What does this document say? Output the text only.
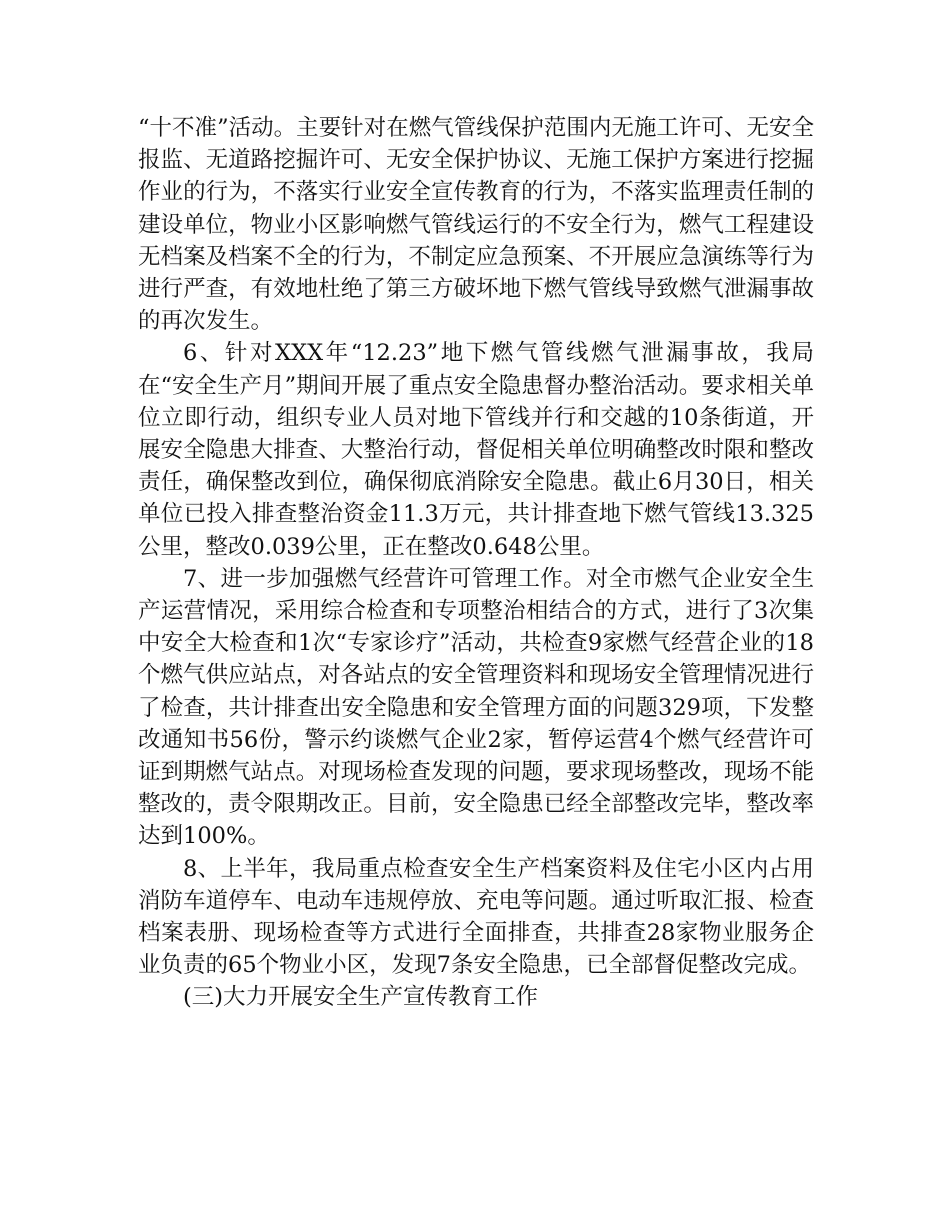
“十不准”活动。主要针对在燃气管线保护范围内无施工许可、无安全报监、无道路挖掘许可、无安全保护协议、无施工保护方案进行挖掘作业的行为，不落实行业安全宣传教育的行为，不落实监理责任制的建设单位，物业小区影响燃气管线运行的不安全行为，燃气工程建设无档案及档案不全的行为，不制定应急预案、不开展应急演练等行为进行严查，有效地杜绝了第三方破坏地下燃气管线导致燃气泄漏事故的再次发生。

6、针对XXX年“12.23”地下燃气管线燃气泄漏事故，我局在“安全生产月”期间开展了重点安全隐患督办整治活动。要求相关单位立即行动，组织专业人员对地下管线并行和交越的10条街道，开展安全隐患大排查、大整治行动，督促相关单位明确整改时限和整改责任，确保整改到位，确保彻底消除安全隐患。截止6月30日，相关单位已投入排查整治资金11.3万元，共计排查地下燃气管线13.325公里，整改0.039公里，正在整改0.648公里。

7、进一步加强燃气经营许可管理工作。对全市燃气企业安全生产运营情况，采用综合检查和专项整治相结合的方式，进行了3次集中安全大检查和1次“专家诊疗”活动，共检查9家燃气经营企业的18个燃气供应站点，对各站点的安全管理资料和现场安全管理情况进行了检查，共计排查出安全隐患和安全管理方面的问题329项，下发整改通知书56份，警示约谈燃气企业2家，暂停运营4个燃气经营许可证到期燃气站点。对现场检查发现的问题，要求现场整改，现场不能整改的，责令限期改正。目前，安全隐患已经全部整改完毕，整改率达到100%。

8、上半年，我局重点检查安全生产档案资料及住宅小区内占用消防车道停车、电动车违规停放、充电等问题。通过听取汇报、检查档案表册、现场检查等方式进行全面排查，共排查28家物业服务企业负责的65个物业小区，发现7条安全隐患，已全部督促整改完成。

(三)大力开展安全生产宣传教育工作
